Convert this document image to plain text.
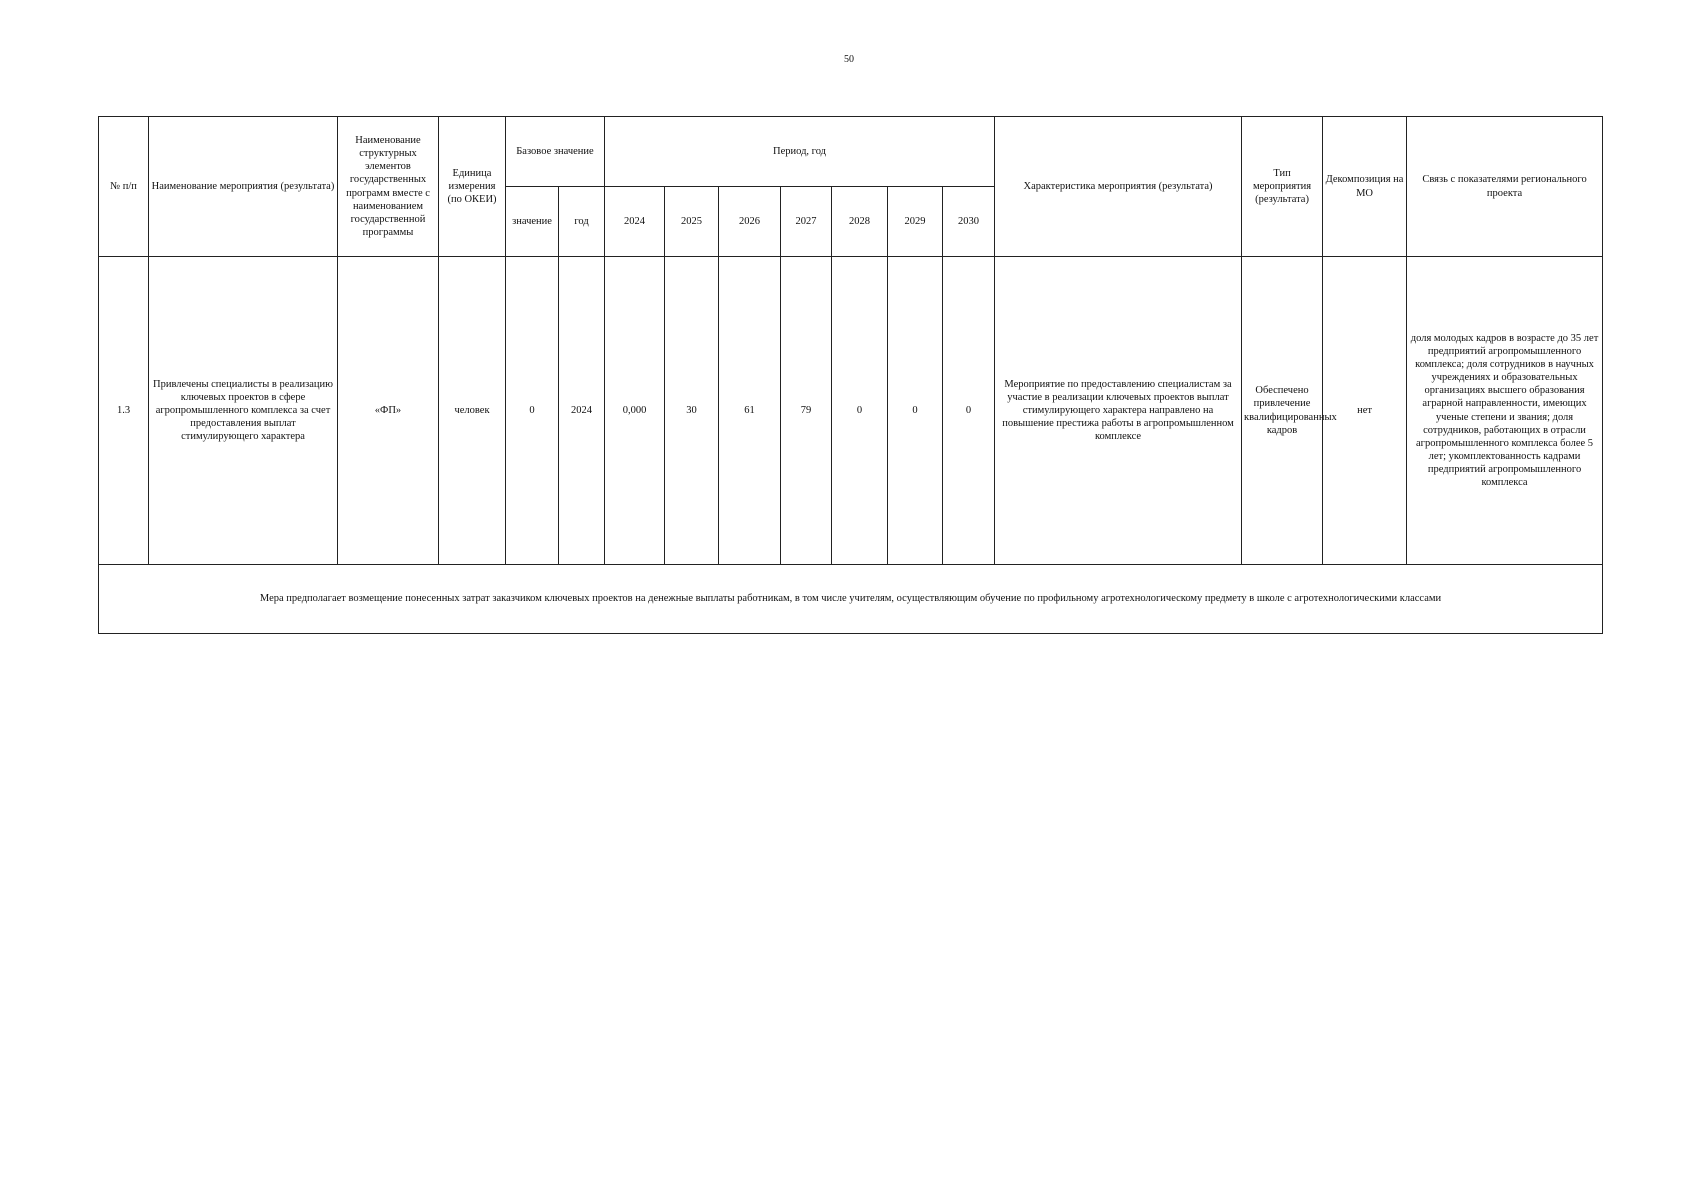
50
№ п/п	Наименование мероприятия (результата)	Наименование структурных элементов государственных программ вместе с наименованием государственной программы	Единица измерения (по ОКЕИ)	Базовое значение		Период, год							Характеристика мероприятия (результата)	Тип мероприятия (результата)	Декомпозиция на МО	Связь с показателями регионального проекта
				значение	год	2024	2025	2026	2027	2028	2029	2030				
1.3	Привлечены специалисты в реализацию ключевых проектов в сфере агропромышленного комплекса за счет предоставления выплат стимулирующего характера	«ФП»	человек	0	2024	0,000	30	61	79	0	0	0	Мероприятие по предоставлению специалистам за участие в реализации ключевых проектов выплат стимулирующего характера направлено на повышение престижа работы в агропромышленном комплексе	Обеспечено привлечение квалифицированных кадров	нет	доля молодых кадров в возрасте до 35 лет предприятий агропромышленного комплекса; доля сотрудников в научных учреждениях и образовательных организациях высшего образования аграрной направленности, имеющих ученые степени и звания; доля сотрудников, работающих в отрасли агропромышленного комплекса более 5 лет; укомплектованность кадрами предприятий агропромышленного комплекса
Мера предполагает возмещение понесенных затрат заказчиком ключевых проектов на денежные выплаты работникам, в том числе учителям, осуществляющим обучение по профильному агротехнологическому предмету в школе с агротехнологическими классами																
